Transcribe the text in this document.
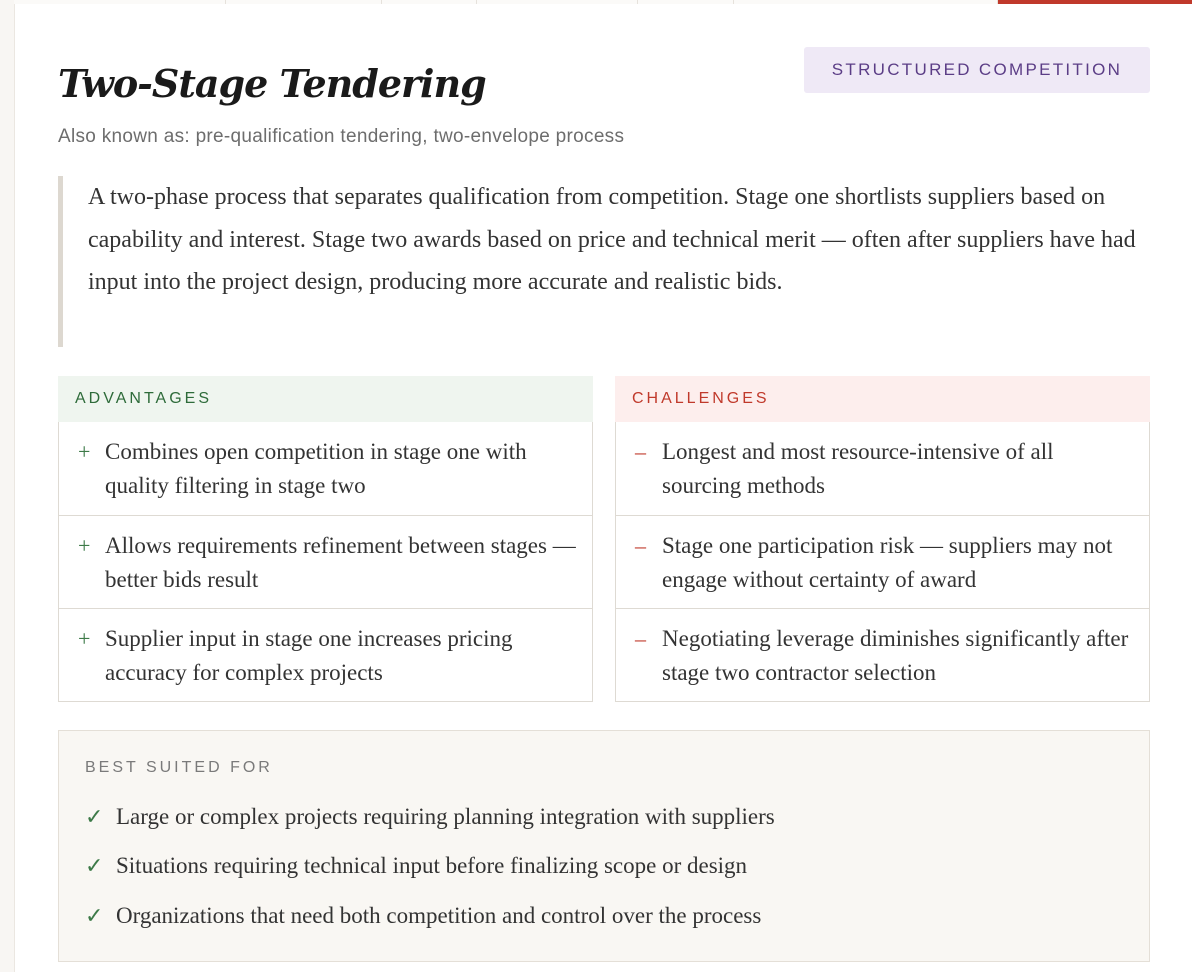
Two-Stage Tendering	STRUCTURED COMPETITION
Also known as: pre-qualification tendering, two-envelope process
A two-phase process that separates qualification from competition. Stage one shortlists suppliers based on capability and interest. Stage two awards based on price and technical merit — often after suppliers have had input into the project design, producing more accurate and realistic bids.
ADVANTAGES
+ Combines open competition in stage one with quality filtering in stage two
+ Allows requirements refinement between stages — better bids result
+ Supplier input in stage one increases pricing accuracy for complex projects
CHALLENGES
– Longest and most resource-intensive of all sourcing methods
– Stage one participation risk — suppliers may not engage without certainty of award
– Negotiating leverage diminishes significantly after stage two contractor selection
BEST SUITED FOR
✓ Large or complex projects requiring planning integration with suppliers
✓ Situations requiring technical input before finalizing scope or design
✓ Organizations that need both competition and control over the process
